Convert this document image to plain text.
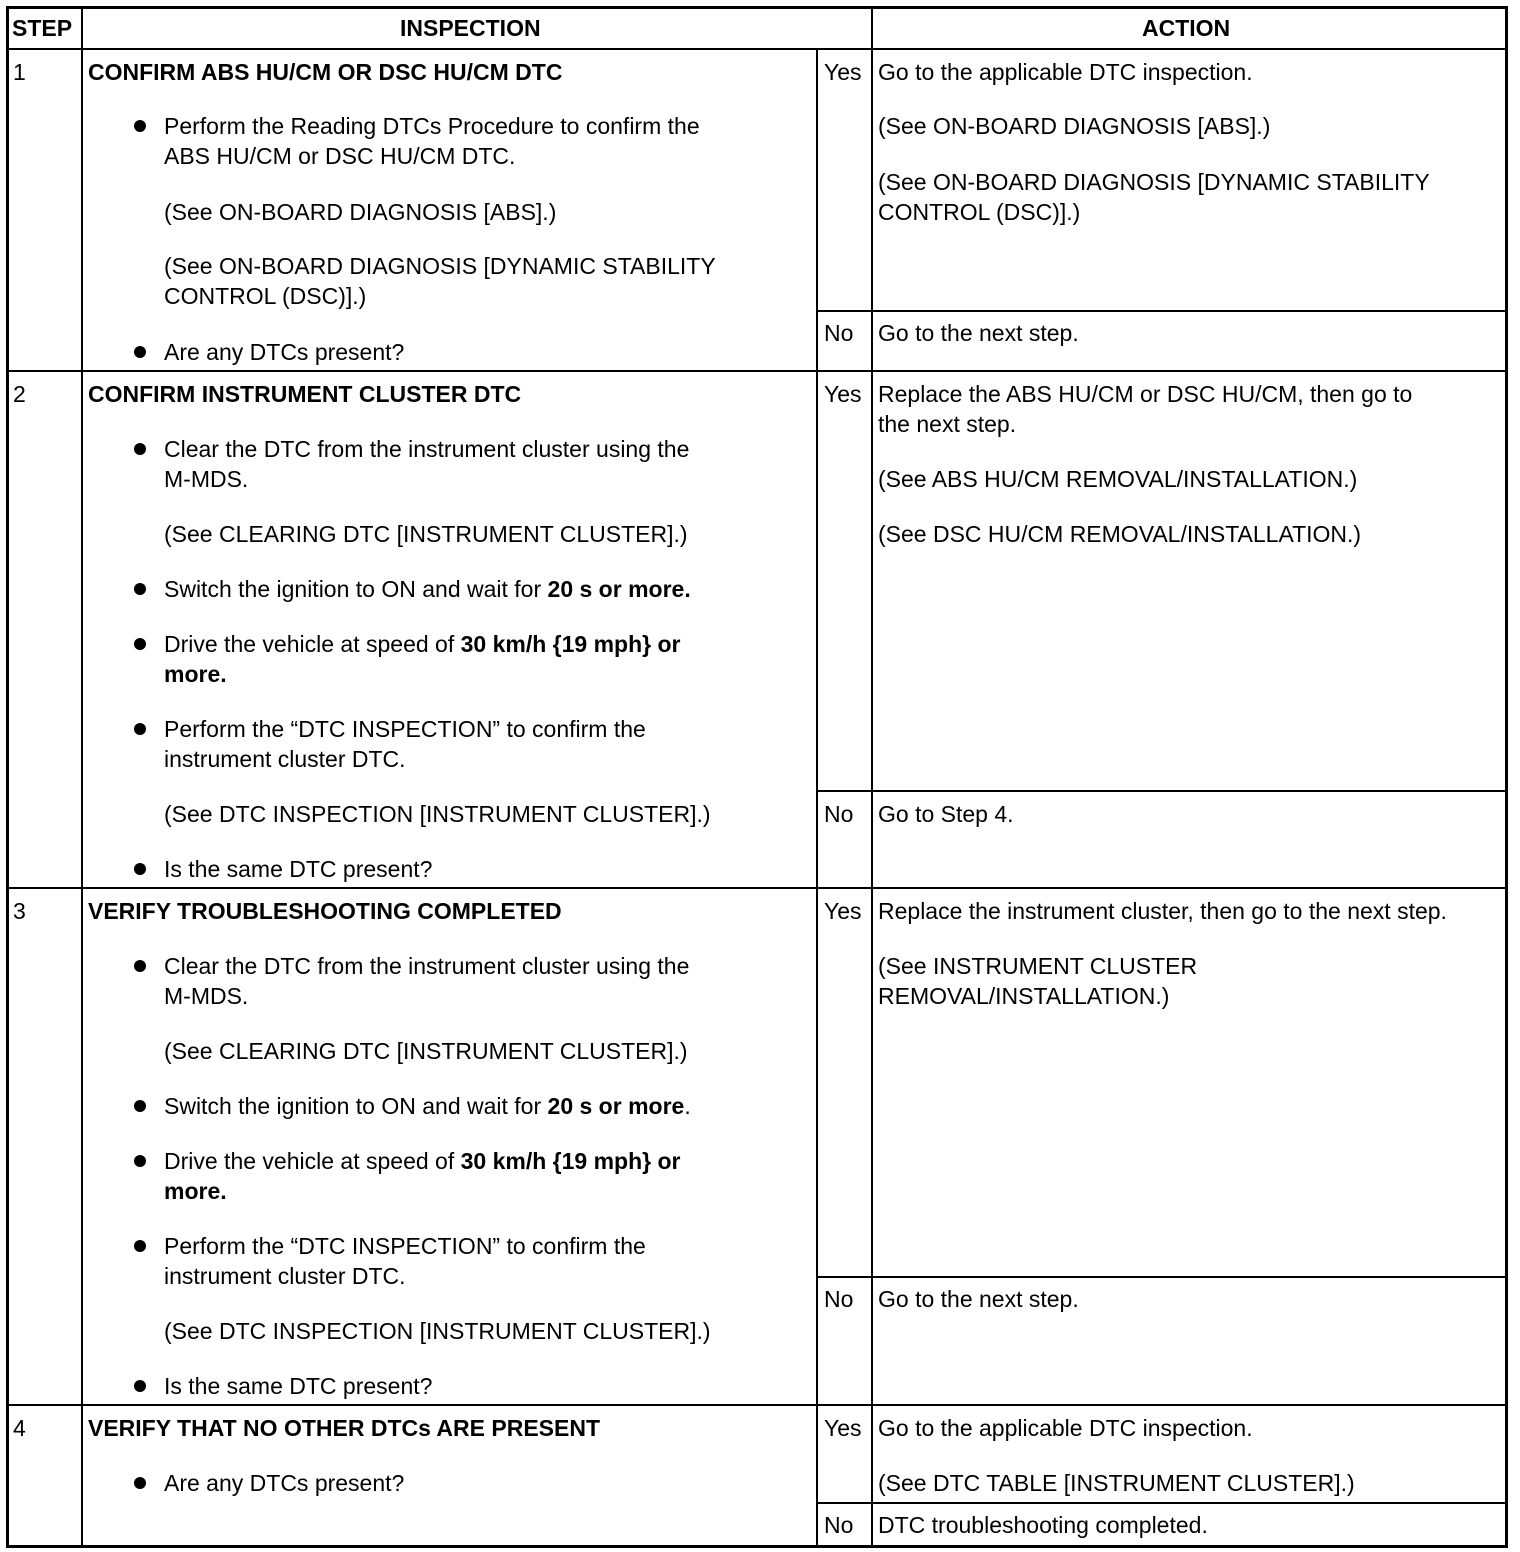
STEP	INSPECTION	ACTION
1	CONFIRM ABS HU/CM OR DSC HU/CM DTC
Perform the Reading DTCs Procedure to confirm the
ABS HU/CM or DSC HU/CM DTC.
(See ON-BOARD DIAGNOSIS [ABS].)
(See ON-BOARD DIAGNOSIS [DYNAMIC STABILITY
CONTROL (DSC)].)
Are any DTCs present?
Yes Go to the applicable DTC inspection.
(See ON-BOARD DIAGNOSIS [ABS].)
(See ON-BOARD DIAGNOSIS [DYNAMIC STABILITY
CONTROL (DSC)].)
No Go to the next step.
2	CONFIRM INSTRUMENT CLUSTER DTC
Clear the DTC from the instrument cluster using the
M-MDS.
(See CLEARING DTC [INSTRUMENT CLUSTER].)
Switch the ignition to ON and wait for 20 s or more.
Drive the vehicle at speed of 30 km/h {19 mph} or
more.
Perform the “DTC INSPECTION” to confirm the
instrument cluster DTC.
(See DTC INSPECTION [INSTRUMENT CLUSTER].)
Is the same DTC present?
Yes Replace the ABS HU/CM or DSC HU/CM, then go to
the next step.
(See ABS HU/CM REMOVAL/INSTALLATION.)
(See DSC HU/CM REMOVAL/INSTALLATION.)
No Go to Step 4.
3	VERIFY TROUBLESHOOTING COMPLETED
Clear the DTC from the instrument cluster using the
M-MDS.
(See CLEARING DTC [INSTRUMENT CLUSTER].)
Switch the ignition to ON and wait for 20 s or more.
Drive the vehicle at speed of 30 km/h {19 mph} or
more.
Perform the “DTC INSPECTION” to confirm the
instrument cluster DTC.
(See DTC INSPECTION [INSTRUMENT CLUSTER].)
Is the same DTC present?
Yes Replace the instrument cluster, then go to the next step.
(See INSTRUMENT CLUSTER
REMOVAL/INSTALLATION.)
No Go to the next step.
4	VERIFY THAT NO OTHER DTCs ARE PRESENT
Are any DTCs present?
Yes Go to the applicable DTC inspection.
(See DTC TABLE [INSTRUMENT CLUSTER].)
No DTC troubleshooting completed.
